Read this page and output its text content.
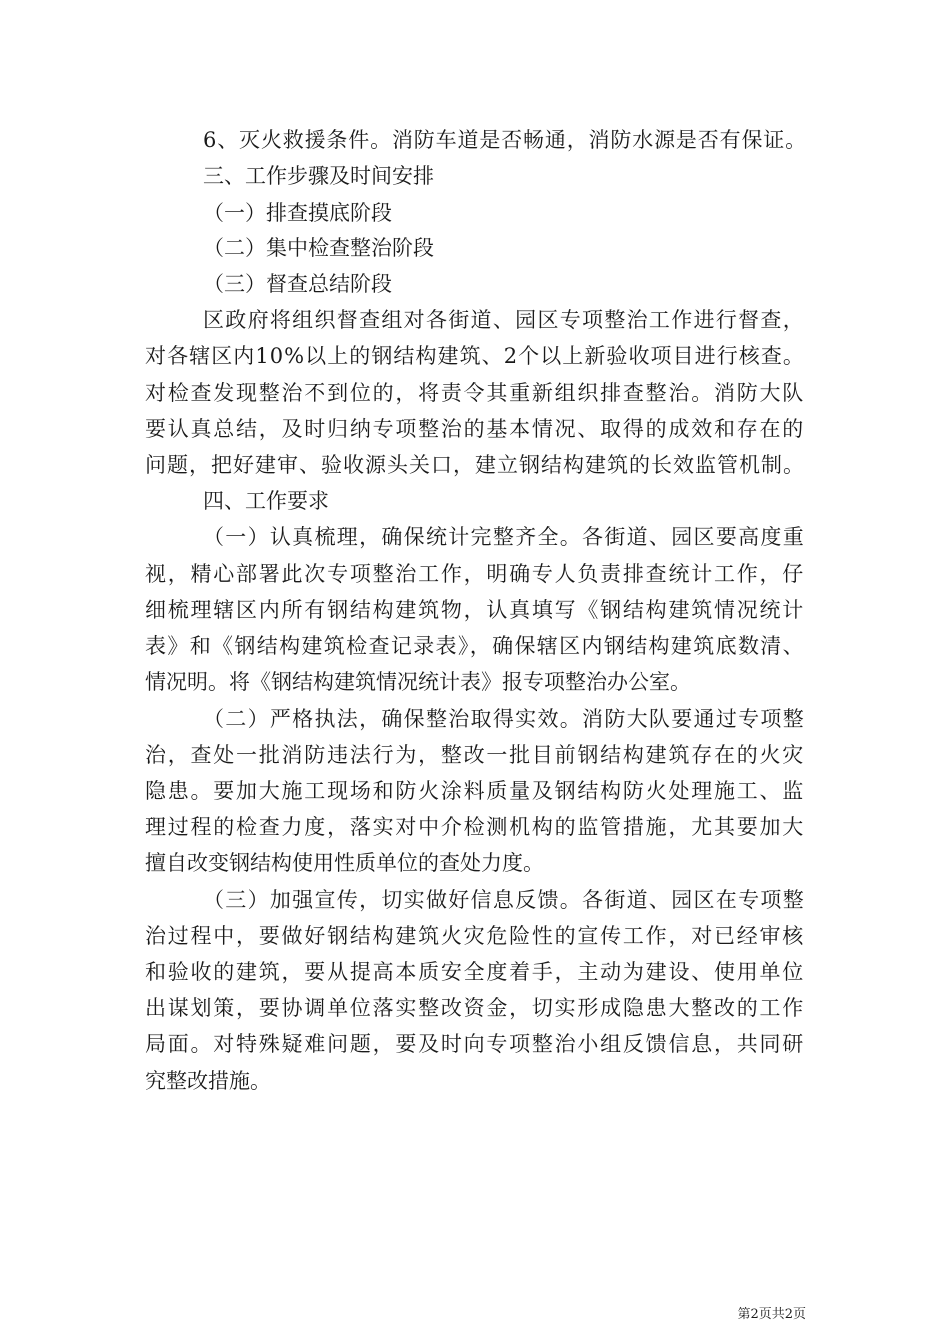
6、灭火救援条件。消防车道是否畅通，消防水源是否有保证。
三、工作步骤及时间安排
（一）排查摸底阶段
（二）集中检查整治阶段
（三）督查总结阶段
区政府将组织督查组对各街道、园区专项整治工作进行督查，
对各辖区内10%以上的钢结构建筑、2个以上新验收项目进行核查。
对检查发现整治不到位的，将责令其重新组织排查整治。消防大队
要认真总结，及时归纳专项整治的基本情况、取得的成效和存在的
问题，把好建审、验收源头关口，建立钢结构建筑的长效监管机制。
四、工作要求
（一）认真梳理，确保统计完整齐全。各街道、园区要高度重
视，精心部署此次专项整治工作，明确专人负责排查统计工作，仔
细梳理辖区内所有钢结构建筑物，认真填写《钢结构建筑情况统计
表》和《钢结构建筑检查记录表》，确保辖区内钢结构建筑底数清、
情况明。将《钢结构建筑情况统计表》报专项整治办公室。
（二）严格执法，确保整治取得实效。消防大队要通过专项整
治，查处一批消防违法行为，整改一批目前钢结构建筑存在的火灾
隐患。要加大施工现场和防火涂料质量及钢结构防火处理施工、监
理过程的检查力度，落实对中介检测机构的监管措施，尤其要加大
擅自改变钢结构使用性质单位的查处力度。
（三）加强宣传，切实做好信息反馈。各街道、园区在专项整
治过程中，要做好钢结构建筑火灾危险性的宣传工作，对已经审核
和验收的建筑，要从提高本质安全度着手，主动为建设、使用单位
出谋划策，要协调单位落实整改资金，切实形成隐患大整改的工作
局面。对特殊疑难问题，要及时向专项整治小组反馈信息，共同研
究整改措施。
第2页共2页
